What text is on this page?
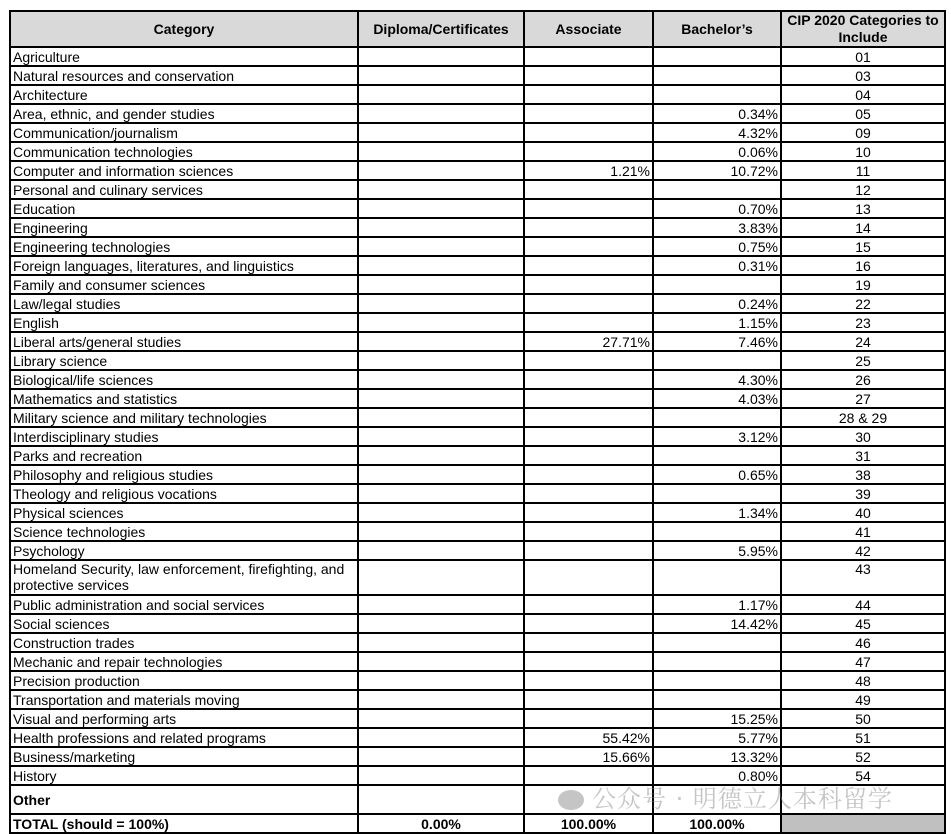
Category	Diploma/Certificates	Associate	Bachelor’s	CIP 2020 Categories to Include
Agriculture				01
Natural resources and conservation				03
Architecture				04
Area, ethnic, and gender studies			0.34%	05
Communication/journalism			4.32%	09
Communication technologies			0.06%	10
Computer and information sciences		1.21%	10.72%	11
Personal and culinary services				12
Education			0.70%	13
Engineering			3.83%	14
Engineering technologies			0.75%	15
Foreign languages, literatures, and linguistics			0.31%	16
Family and consumer sciences				19
Law/legal studies			0.24%	22
English			1.15%	23
Liberal arts/general studies		27.71%	7.46%	24
Library science				25
Biological/life sciences			4.30%	26
Mathematics and statistics			4.03%	27
Military science and military technologies				28 & 29
Interdisciplinary studies			3.12%	30
Parks and recreation				31
Philosophy and religious studies			0.65%	38
Theology and religious vocations				39
Physical sciences			1.34%	40
Science technologies				41
Psychology			5.95%	42
Homeland Security, law enforcement, firefighting, and protective services				43
Public administration and social services			1.17%	44
Social sciences			14.42%	45
Construction trades				46
Mechanic and repair technologies				47
Precision production				48
Transportation and materials moving				49
Visual and performing arts			15.25%	50
Health professions and related programs		55.42%	5.77%	51
Business/marketing		15.66%	13.32%	52
History			0.80%	54
Other				
TOTAL (should = 100%)	0.00%	100.00%	100.00%	
公众号 · 明德立人本科留学
